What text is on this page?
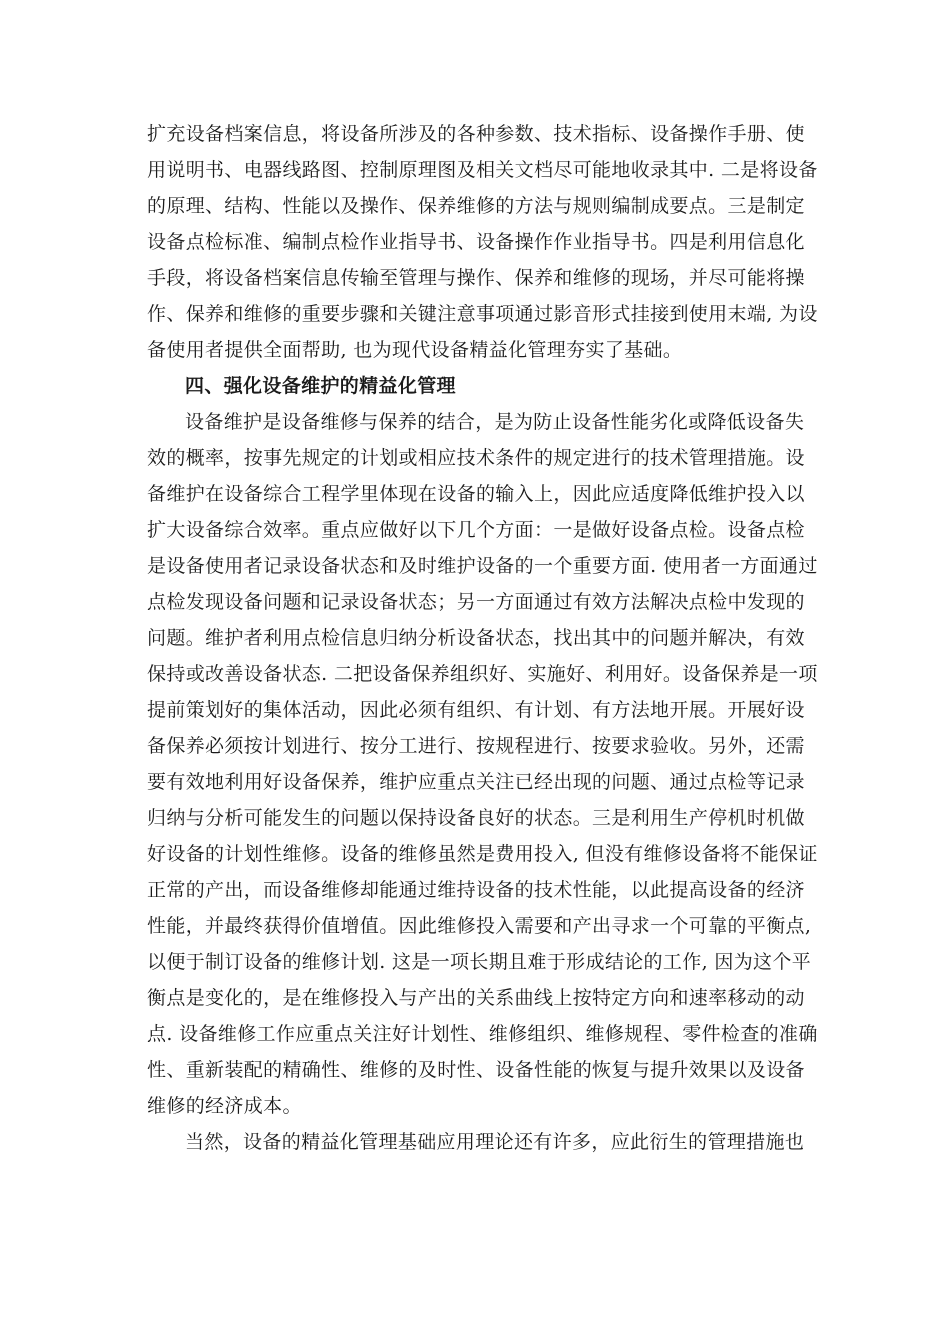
扩充设备档案信息，将设备所涉及的各种参数、技术指标、设备操作手册、使
用说明书、电器线路图、控制原理图及相关文档尽可能地收录其中. 二是将设备
的原理、结构、性能以及操作、保养维修的方法与规则编制成要点。三是制定
设备点检标准、编制点检作业指导书、设备操作作业指导书。四是利用信息化
手段，将设备档案信息传输至管理与操作、保养和维修的现场，并尽可能将操
作、保养和维修的重要步骤和关键注意事项通过影音形式挂接到使用末端, 为设
备使用者提供全面帮助, 也为现代设备精益化管理夯实了基础。
四、强化设备维护的精益化管理
设备维护是设备维修与保养的结合，是为防止设备性能劣化或降低设备失
效的概率，按事先规定的计划或相应技术条件的规定进行的技术管理措施。设
备维护在设备综合工程学里体现在设备的输入上，因此应适度降低维护投入以
扩大设备综合效率。重点应做好以下几个方面：一是做好设备点检。设备点检
是设备使用者记录设备状态和及时维护设备的一个重要方面. 使用者一方面通过
点检发现设备问题和记录设备状态；另一方面通过有效方法解决点检中发现的
问题。维护者利用点检信息归纳分析设备状态，找出其中的问题并解决，有效
保持或改善设备状态. 二把设备保养组织好、实施好、利用好。设备保养是一项
提前策划好的集体活动，因此必须有组织、有计划、有方法地开展。开展好设
备保养必须按计划进行、按分工进行、按规程进行、按要求验收。另外，还需
要有效地利用好设备保养，维护应重点关注已经出现的问题、通过点检等记录
归纳与分析可能发生的问题以保持设备良好的状态。三是利用生产停机时机做
好设备的计划性维修。设备的维修虽然是费用投入, 但没有维修设备将不能保证
正常的产出，而设备维修却能通过维持设备的技术性能，以此提高设备的经济
性能，并最终获得价值增值。因此维修投入需要和产出寻求一个可靠的平衡点,
以便于制订设备的维修计划. 这是一项长期且难于形成结论的工作, 因为这个平
衡点是变化的，是在维修投入与产出的关系曲线上按特定方向和速率移动的动
点. 设备维修工作应重点关注好计划性、维修组织、维修规程、零件检查的准确
性、重新装配的精确性、维修的及时性、设备性能的恢复与提升效果以及设备
维修的经济成本。
当然，设备的精益化管理基础应用理论还有许多，应此衍生的管理措施也
